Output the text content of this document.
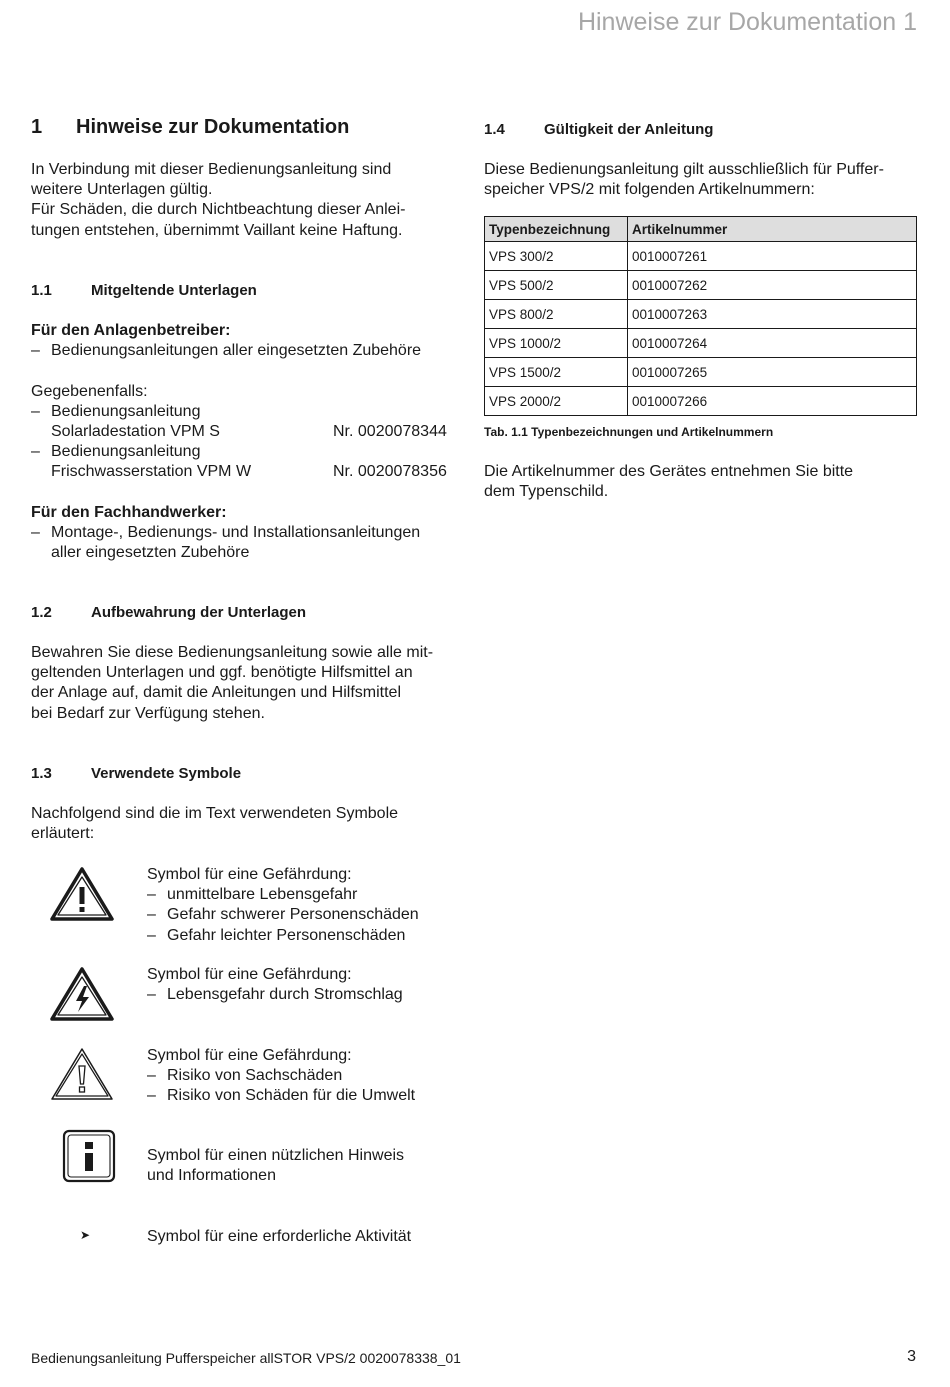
Hinweise zur Dokumentation 1
1 Hinweise zur Dokumentation
In Verbindung mit dieser Bedienungsanleitung sind
weitere Unterlagen gültig.
Für Schäden, die durch Nichtbeachtung dieser Anlei-
tungen entstehen, übernimmt Vaillant keine Haftung.
1.1	Mitgeltende Unterlagen
Für den Anlagenbetreiber:
– Bedienungsanleitungen aller eingesetzten Zubehöre
Gegebenenfalls:
– Bedienungsanleitung
Solarladestation VPM S	Nr. 0020078344
– Bedienungsanleitung
Frischwasserstation VPM W	Nr. 0020078356
Für den Fachhandwerker:
– Montage-, Bedienungs- und Installationsanleitungen
aller eingesetzten Zubehöre
1.2	Aufbewahrung der Unterlagen
Bewahren Sie diese Bedienungsanleitung sowie alle mit-
geltenden Unterlagen und ggf. benötigte Hilfsmittel an
der Anlage auf, damit die Anleitungen und Hilfsmittel
bei Bedarf zur Verfügung stehen.
1.3	Verwendete Symbole
Nachfolgend sind die im Text verwendeten Symbole
erläutert:
Symbol für eine Gefährdung:
– unmittelbare Lebensgefahr
– Gefahr schwerer Personenschäden
– Gefahr leichter Personenschäden
Symbol für eine Gefährdung:
– Lebensgefahr durch Stromschlag
Symbol für eine Gefährdung:
– Risiko von Sachschäden
– Risiko von Schäden für die Umwelt
Symbol für einen nützlichen Hinweis
und Informationen
➤	Symbol für eine erforderliche Aktivität
1.4	Gültigkeit der Anleitung
Diese Bedienungsanleitung gilt ausschließlich für Puffer-
speicher VPS/2 mit folgenden Artikelnummern:
Typenbezeichnung	Artikelnummer
VPS 300/2	0010007261
VPS 500/2	0010007262
VPS 800/2	0010007263
VPS 1000/2	0010007264
VPS 1500/2	0010007265
VPS 2000/2	0010007266
Tab. 1.1 Typenbezeichnungen und Artikelnummern
Die Artikelnummer des Gerätes entnehmen Sie bitte
dem Typenschild.
Bedienungsanleitung Pufferspeicher allSTOR VPS/2 0020078338_01	3
